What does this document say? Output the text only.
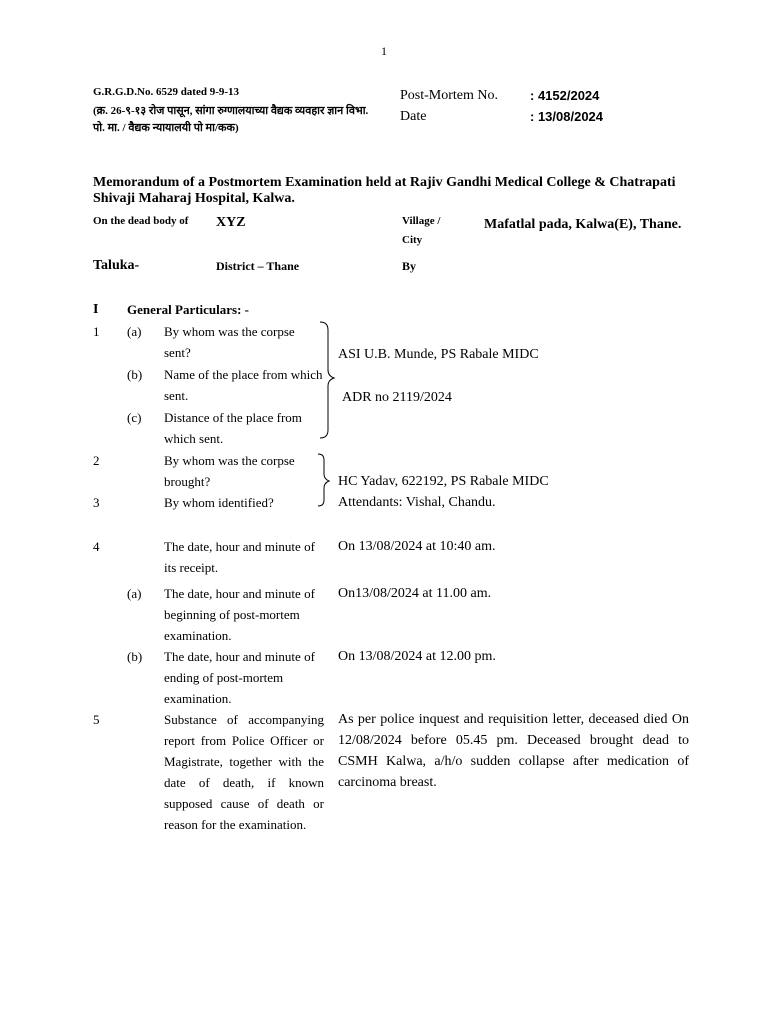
1
G.R.G.D.No. 6529 dated 9-9-13
(क्र. 26-९-१३ रोज पासून, सांगा रुग्णालयाच्या वैद्यक व्यवहार ज्ञान विभा. पो. मा. / वैद्यक न्यायालयी पो मा/कक)
Post-Mortem No. : 4152/2024
Date	: 13/08/2024
Memorandum of a Postmortem Examination held at Rajiv Gandhi Medical College & Chatrapati Shivaji Maharaj Hospital, Kalwa.
On the dead body of	XYZ	Village / City
Mafatlal pada, Kalwa(E), Thane.
Taluka-	District – Thane	By
I General Particulars: -
1 (a) By whom was the corpse sent?
(b) Name of the place from which sent.
(c) Distance of the place from which sent.
ASI U.B. Munde, PS Rabale MIDC
ADR no 2119/2024
2	By whom was the corpse brought?	HC Yadav, 622192, PS Rabale MIDC
3	By whom identified?	Attendants: Vishal, Chandu.
4	The date, hour and minute of its receipt.
On 13/08/2024 at 10:40 am.
(a) The date, hour and minute of beginning of post-mortem examination.
On13/08/2024 at 11.00 am.
(b) The date, hour and minute of ending of post-mortem examination.
On 13/08/2024 at 12.00 pm.
5	Substance of accompanying report from Police Officer or Magistrate, together with the date of death, if known supposed cause of death or reason for the examination.
As per police inquest and requisition letter, deceased died On 12/08/2024 before 05.45 pm. Deceased brought dead to CSMH Kalwa, a/h/o sudden collapse after medication of carcinoma breast.
